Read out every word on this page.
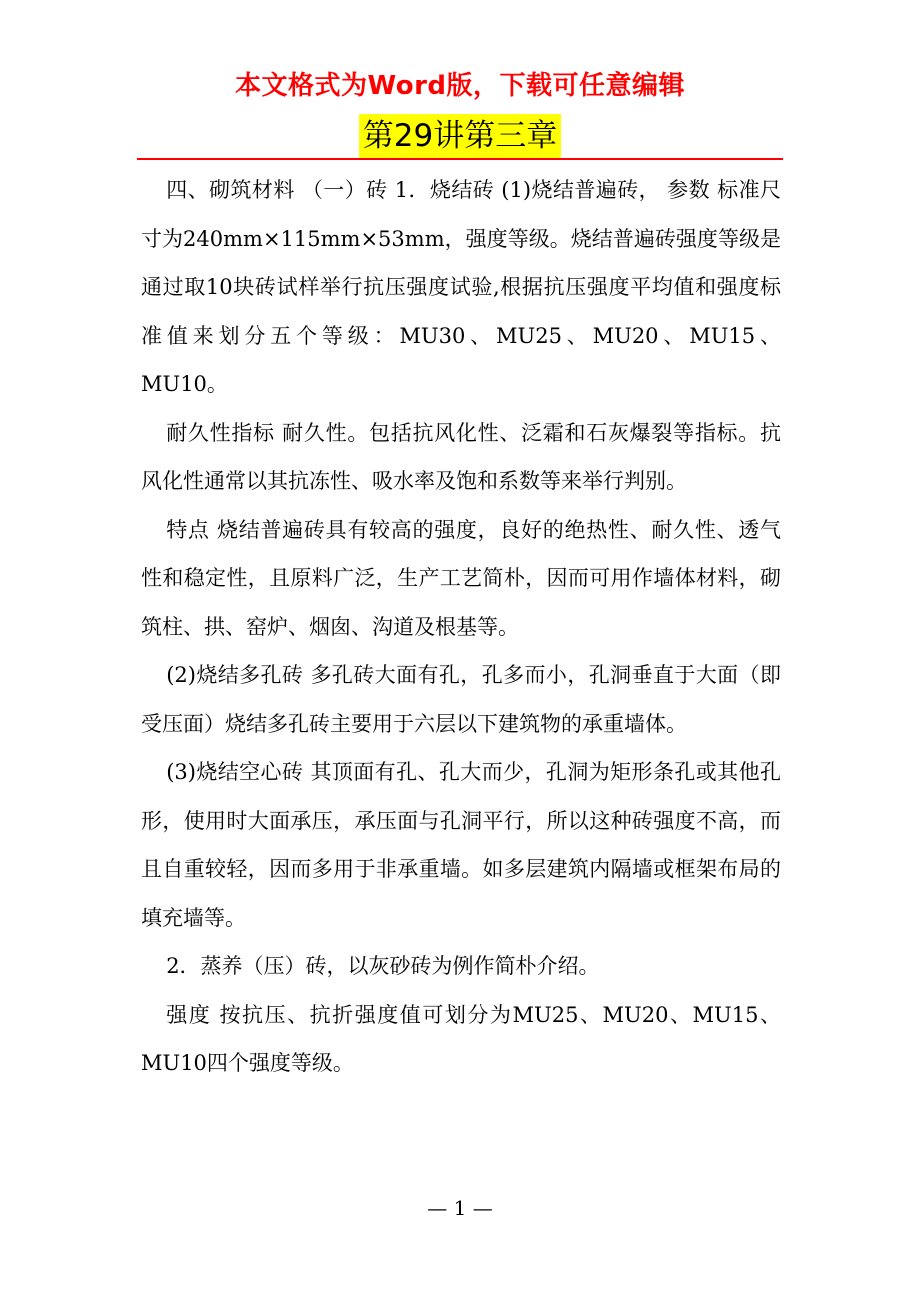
本文格式为Word版，下载可任意编辑
第29讲第三章

四、砌筑材料 （一）砖 1．烧结砖 (1)烧结普遍砖， 参数 标准尺寸为240mm×115mm×53mm，强度等级。烧结普遍砖强度等级是通过取10块砖试样举行抗压强度试验,根据抗压强度平均值和强度标准值来划分五个等级：MU30、MU25、MU20、MU15、MU10。

耐久性指标 耐久性。包括抗风化性、泛霜和石灰爆裂等指标。抗风化性通常以其抗冻性、吸水率及饱和系数等来举行判别。

特点 烧结普遍砖具有较高的强度，良好的绝热性、耐久性、透气性和稳定性，且原料广泛，生产工艺简朴，因而可用作墙体材料，砌筑柱、拱、窑炉、烟囱、沟道及根基等。

(2)烧结多孔砖 多孔砖大面有孔，孔多而小，孔洞垂直于大面（即受压面）烧结多孔砖主要用于六层以下建筑物的承重墙体。

(3)烧结空心砖 其顶面有孔、孔大而少，孔洞为矩形条孔或其他孔形，使用时大面承压，承压面与孔洞平行，所以这种砖强度不高，而且自重较轻，因而多用于非承重墙。如多层建筑内隔墙或框架布局的填充墙等。

2．蒸养（压）砖，以灰砂砖为例作简朴介绍。

强度 按抗压、抗折强度值可划分为MU25、MU20、MU15、MU10四个强度等级。

— 1 —
